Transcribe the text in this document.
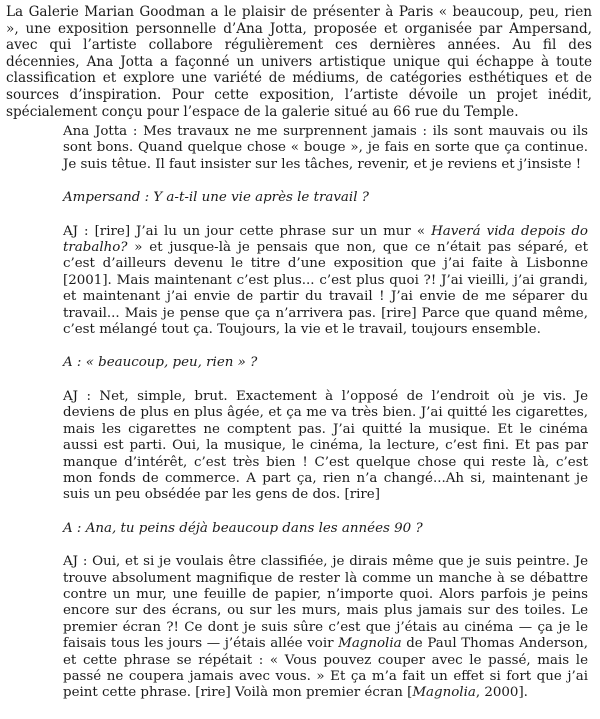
La Galerie Marian Goodman a le plaisir de présenter à Paris « beaucoup, peu, rien », une exposition personnelle d’Ana Jotta, proposée et organisée par Ampersand, avec qui l’artiste collabore régulièrement ces dernières années. Au fil des décennies, Ana Jotta a façonné un univers artistique unique qui échappe à toute classification et explore une variété de médiums, de catégories esthétiques et de sources d’inspiration. Pour cette exposition, l’artiste dévoile un projet inédit, spécialement conçu pour l’espace de la galerie situé au 66 rue du Temple.

Ana Jotta : Mes travaux ne me surprennent jamais : ils sont mauvais ou ils sont bons. Quand quelque chose « bouge », je fais en sorte que ça continue. Je suis têtue. Il faut insister sur les tâches, revenir, et je reviens et j’insiste !

Ampersand : Y a-t-il une vie après le travail ?

AJ : [rire] J’ai lu un jour cette phrase sur un mur « Haverá vida depois do trabalho? » et jusque-là je pensais que non, que ce n’était pas séparé, et c’est d’ailleurs devenu le titre d’une exposition que j’ai faite à Lisbonne [2001]. Mais maintenant c’est plus... c’est plus quoi ?! J’ai vieilli, j’ai grandi, et maintenant j’ai envie de partir du travail ! J’ai envie de me séparer du travail... Mais je pense que ça n’arrivera pas. [rire] Parce que quand même, c’est mélangé tout ça. Toujours, la vie et le travail, toujours ensemble.

A : « beaucoup, peu, rien » ?

AJ : Net, simple, brut. Exactement à l’opposé de l’endroit où je vis. Je deviens de plus en plus âgée, et ça me va très bien. J’ai quitté les cigarettes, mais les cigarettes ne comptent pas. J’ai quitté la musique. Et le cinéma aussi est parti. Oui, la musique, le cinéma, la lecture, c’est fini. Et pas par manque d’intérêt, c’est très bien ! C’est quelque chose qui reste là, c’est mon fonds de commerce. A part ça, rien n’a changé...Ah si, maintenant je suis un peu obsédée par les gens de dos. [rire]

A : Ana, tu peins déjà beaucoup dans les années 90 ?

AJ : Oui, et si je voulais être classifiée, je dirais même que je suis peintre. Je trouve absolument magnifique de rester là comme un manche à se débattre contre un mur, une feuille de papier, n’importe quoi. Alors parfois je peins encore sur des écrans, ou sur les murs, mais plus jamais sur des toiles. Le premier écran ?! Ce dont je suis sûre c’est que j’étais au cinéma — ça je le faisais tous les jours — j’étais allée voir Magnolia de Paul Thomas Anderson, et cette phrase se répétait : « Vous pouvez couper avec le passé, mais le passé ne coupera jamais avec vous. » Et ça m’a fait un effet si fort que j’ai peint cette phrase. [rire] Voilà mon premier écran [Magnolia, 2000].
